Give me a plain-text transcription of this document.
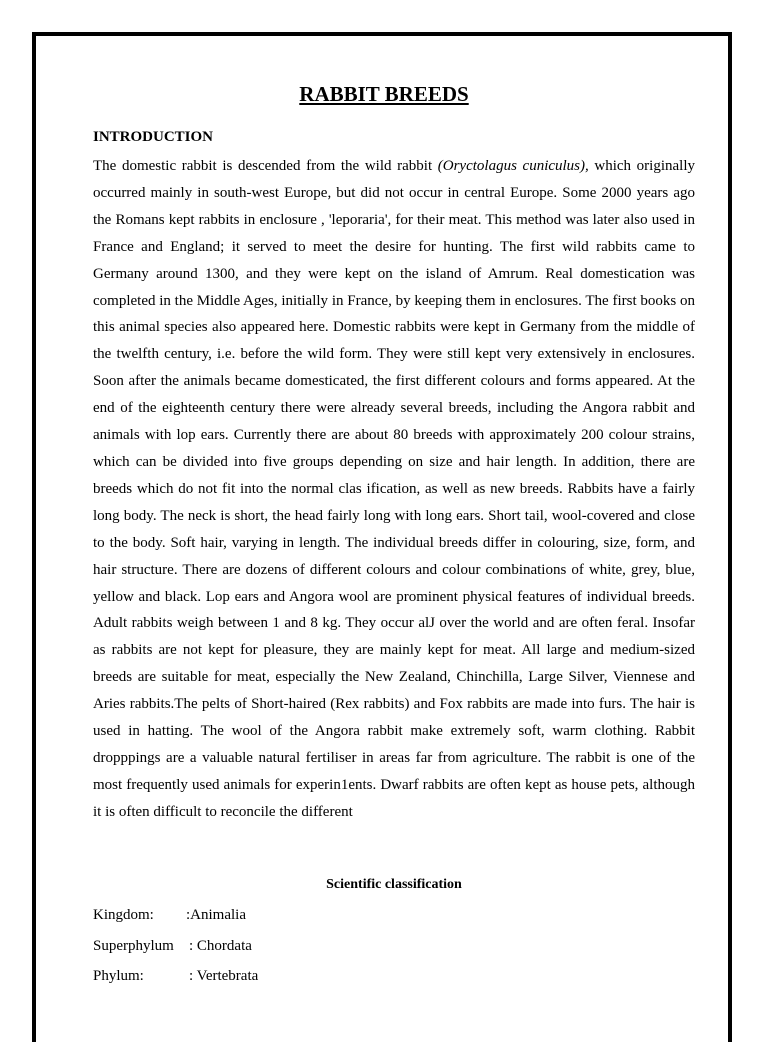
RABBIT BREEDS
INTRODUCTION

The domestic rabbit is descended from the wild rabbit (Oryctolagus cuniculus), which originally occurred mainly in south-west Europe, but did not occur in central Europe. Some 2000 years ago the Romans kept rabbits in enclosure , 'leporaria', for their meat. This method was later also used in France and England; it served to meet the desire for hunting. The first wild rabbits came to Germany around 1300, and they were kept on the island of Amrum. Real domestication was completed in the Middle Ages, initially in France, by keeping them in enclosures. The first books on this animal species also appeared here. Domestic rabbits were kept in Germany from the middle of the twelfth century, i.e. before the wild form. They were still kept very extensively in enclosures. Soon after the animals became domesticated, the first different colours and forms appeared. At the end of the eighteenth century there were already several breeds, including the Angora rabbit and animals with lop ears. Currently there are about 80 breeds with approximately 200 colour strains, which can be divided into five groups depending on size and hair length. In addition, there are breeds which do not fit into the normal clas ification, as well as new breeds. Rabbits have a fairly long body. The neck is short, the head fairly long with long ears. Short tail, wool-covered and close to the body. Soft hair, varying in length. The individual breeds differ in colouring, size, form, and hair structure. There are dozens of different colours and colour combinations of white, grey, blue, yellow and black. Lop ears and Angora wool are prominent physical features of individual breeds. Adult rabbits weigh between 1 and 8 kg. They occur alJ over the world and are often feral. Insofar as rabbits are not kept for pleasure, they are mainly kept for meat. All large and medium-sized breeds are suitable for meat, especially the New Zealand, Chinchilla, Large Silver, Viennese and Aries rabbits.The pelts of Short-haired (Rex rabbits) and Fox rabbits are made into furs. The hair is used in hatting. The wool of the Angora rabbit make extremely soft, warm clothing. Rabbit dropppings are a valuable natural fertiliser in areas far from agriculture. The rabbit is one of the most frequently used animals for experin1ents. Dwarf rabbits are often kept as house pets, although it is often difficult to reconcile the different

Scientific classification
Kingdom: :Animalia
Superphylum : Chordata
Phylum:	: Vertebrata
